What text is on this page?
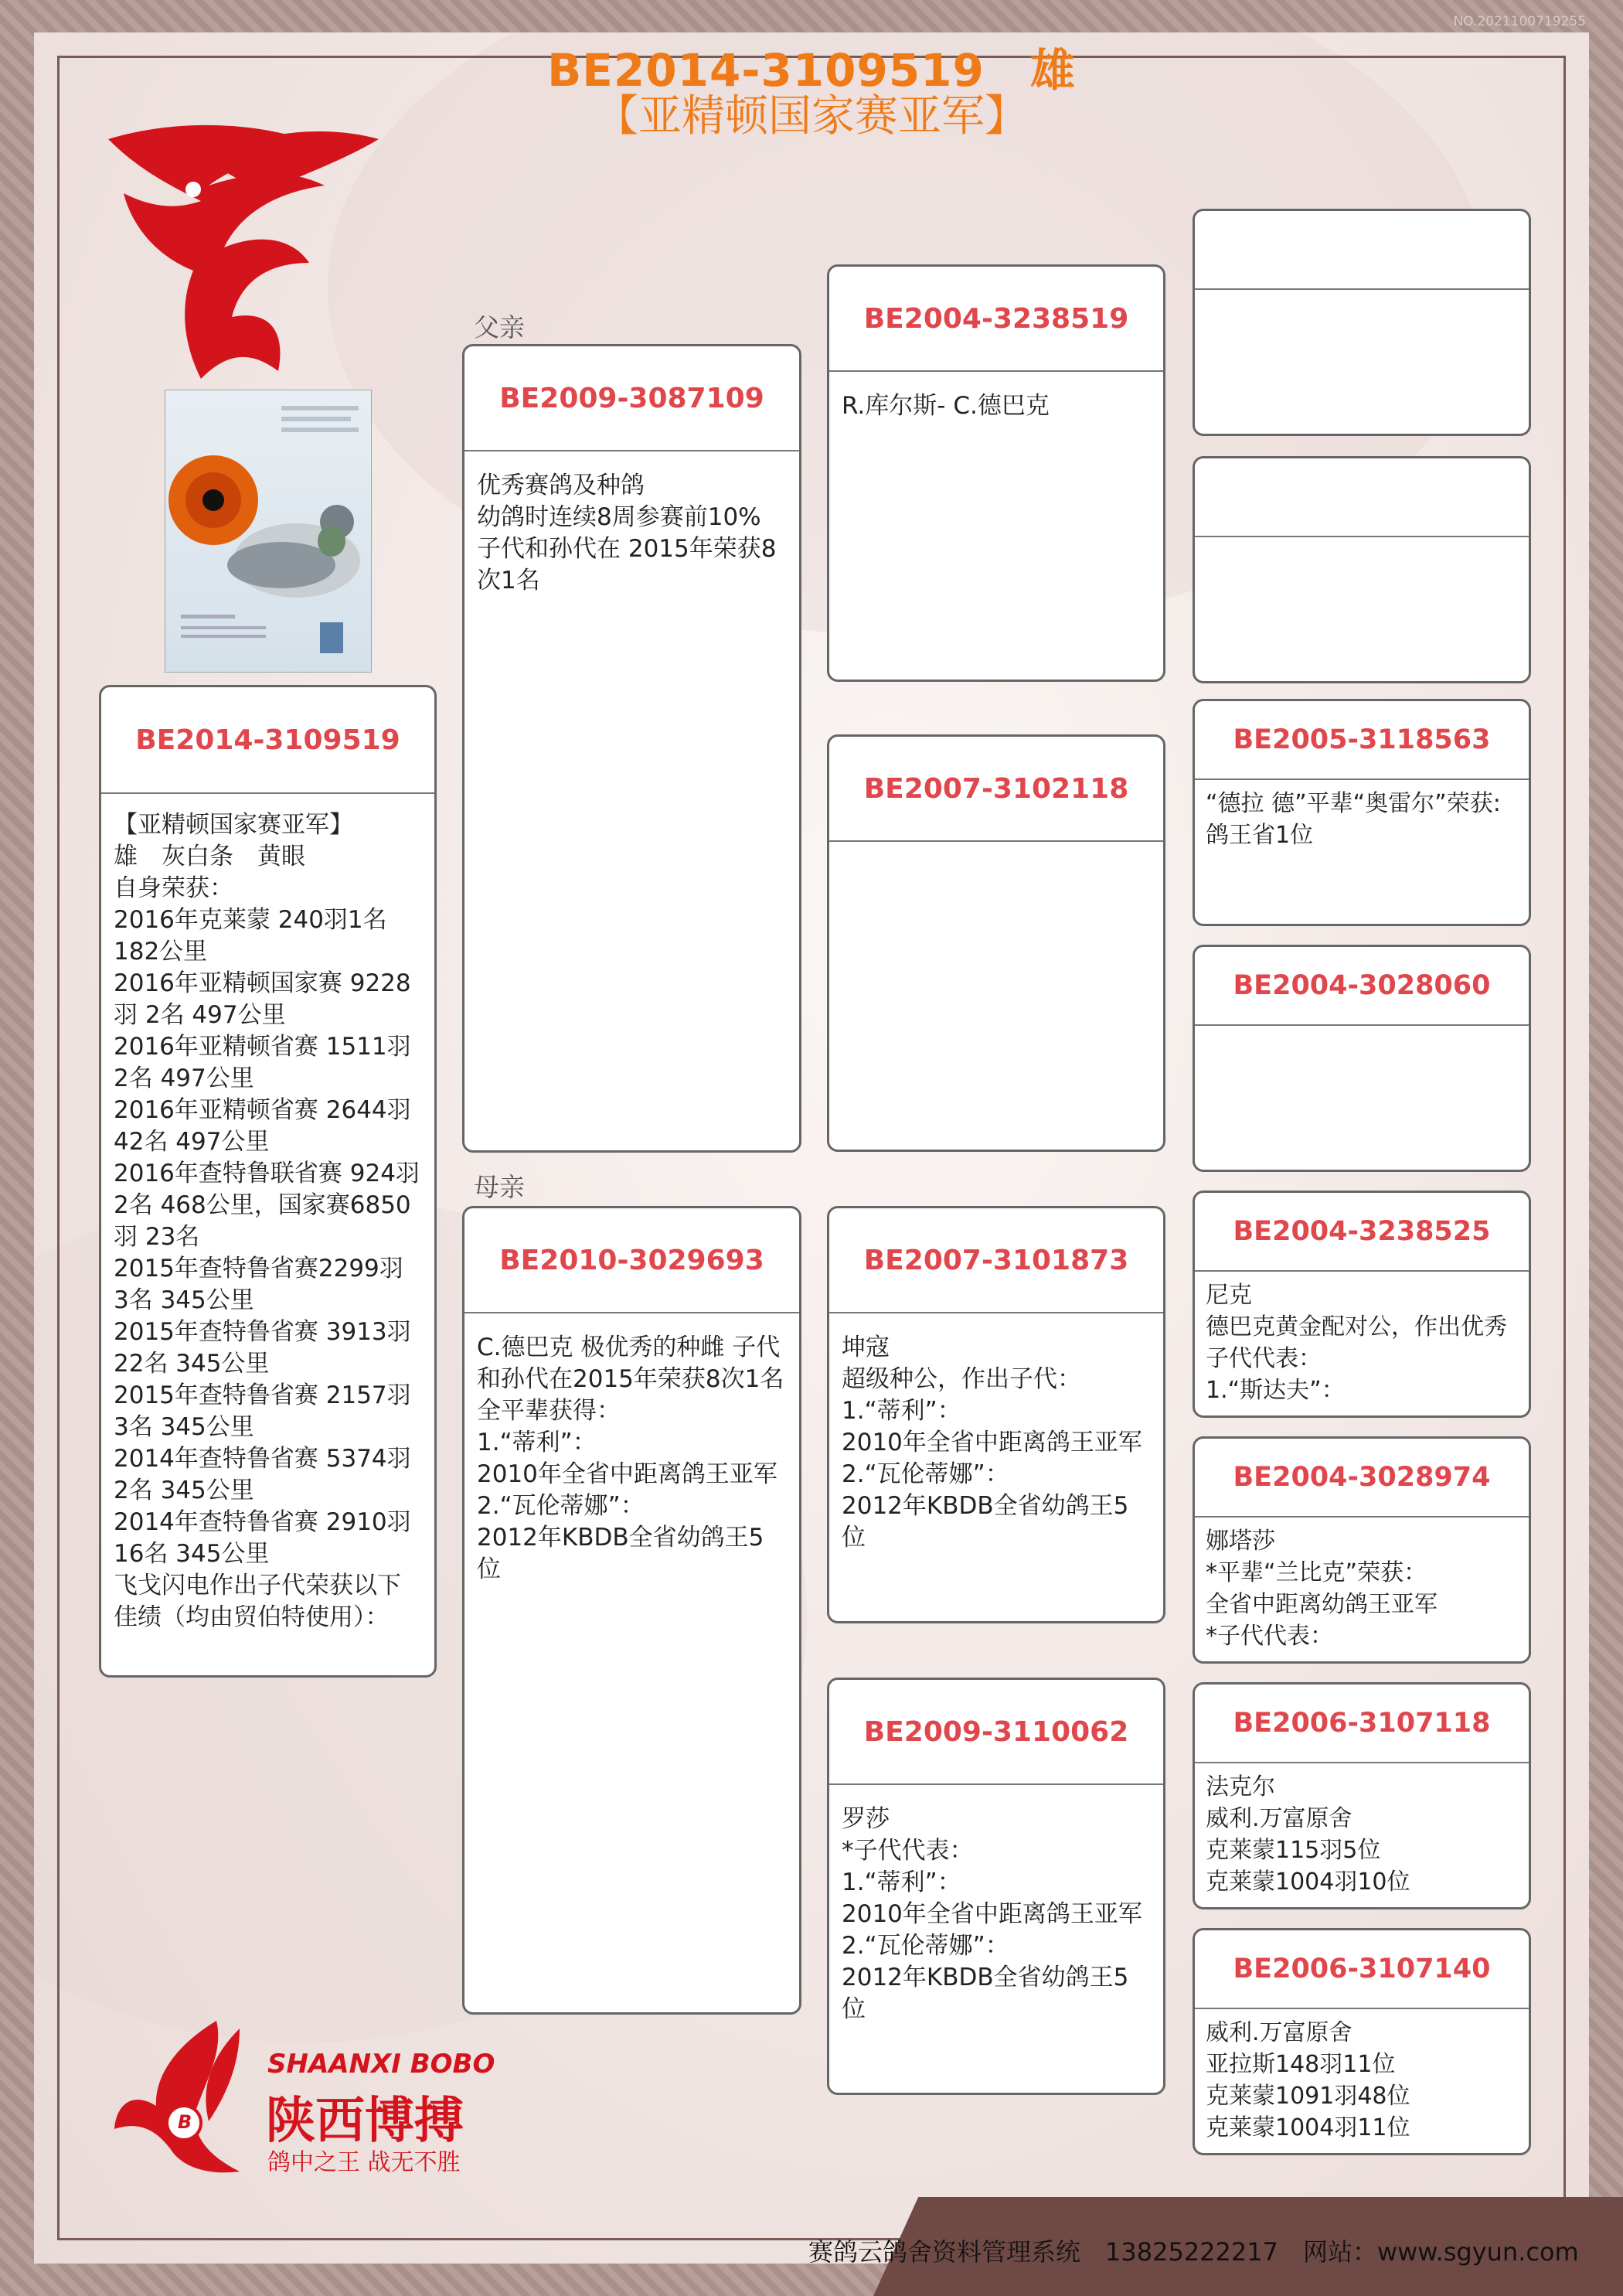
NO.2021100719255
BE2014-3109519　雄
【亚精顿国家赛亚军】
BE2014-3109519
【亚精顿国家赛亚军】
雄　灰白条　黄眼
自身荣获：
2016年克莱蒙 240羽1名 182公里
2016年亚精顿国家赛 9228羽 2名 497公里
2016年亚精顿省赛 1511羽 2名 497公里
2016年亚精顿省赛 2644羽 42名 497公里
2016年查特鲁联省赛 924羽 2名 468公里，国家赛6850羽 23名
2015年查特鲁省赛2299羽 3名 345公里
2015年查特鲁省赛 3913羽 22名 345公里
2015年查特鲁省赛 2157羽 3名 345公里
2014年查特鲁省赛 5374羽 2名 345公里
2014年查特鲁省赛 2910羽 16名 345公里
飞戈闪电作出子代荣获以下佳绩（均由贸伯特使用）：
父亲
母亲
BE2009-3087109
优秀赛鸽及种鸽
幼鸽时连续8周参赛前10%
子代和孙代在 2015年荣获8 次1名
BE2010-3029693
C.德巴克 极优秀的种雌 子代和孙代在2015年荣获8次1名
全平辈获得：
1.“蒂利”：
2010年全省中距离鸽王亚军
2.“瓦伦蒂娜”：
2012年KBDB全省幼鸽王5位
BE2004-3238519
R.库尔斯- C.德巴克
BE2007-3102118
BE2007-3101873
坤寇
超级种公，作出子代：
1.“蒂利”：
2010年全省中距离鸽王亚军
2.“瓦伦蒂娜”：
2012年KBDB全省幼鸽王5位
BE2009-3110062
罗莎
*子代代表：
1.“蒂利”：
2010年全省中距离鸽王亚军
2.“瓦伦蒂娜”：
2012年KBDB全省幼鸽王5位
BE2005-3118563
“德拉 德”平辈“奥雷尔”荣获:鸽王省1位
BE2004-3028060
BE2004-3238525
尼克
德巴克黄金配对公，作出优秀子代代表：
1.“斯达夫”：
BE2004-3028974
娜塔莎
*平辈“兰比克”荣获：
全省中距离幼鸽王亚军
*子代代表：
BE2006-3107118
法克尔
威利.万富原舍
克莱蒙115羽5位
克莱蒙1004羽10位
BE2006-3107140
威利.万富原舍
亚拉斯148羽11位
克莱蒙1091羽48位
克莱蒙1004羽11位
B
SHAANXI BOBO
陕西博搏
鸽中之王 战无不胜
赛鸽云鸽舍资料管理系统　13825222217　网站：www.sgyun.com
